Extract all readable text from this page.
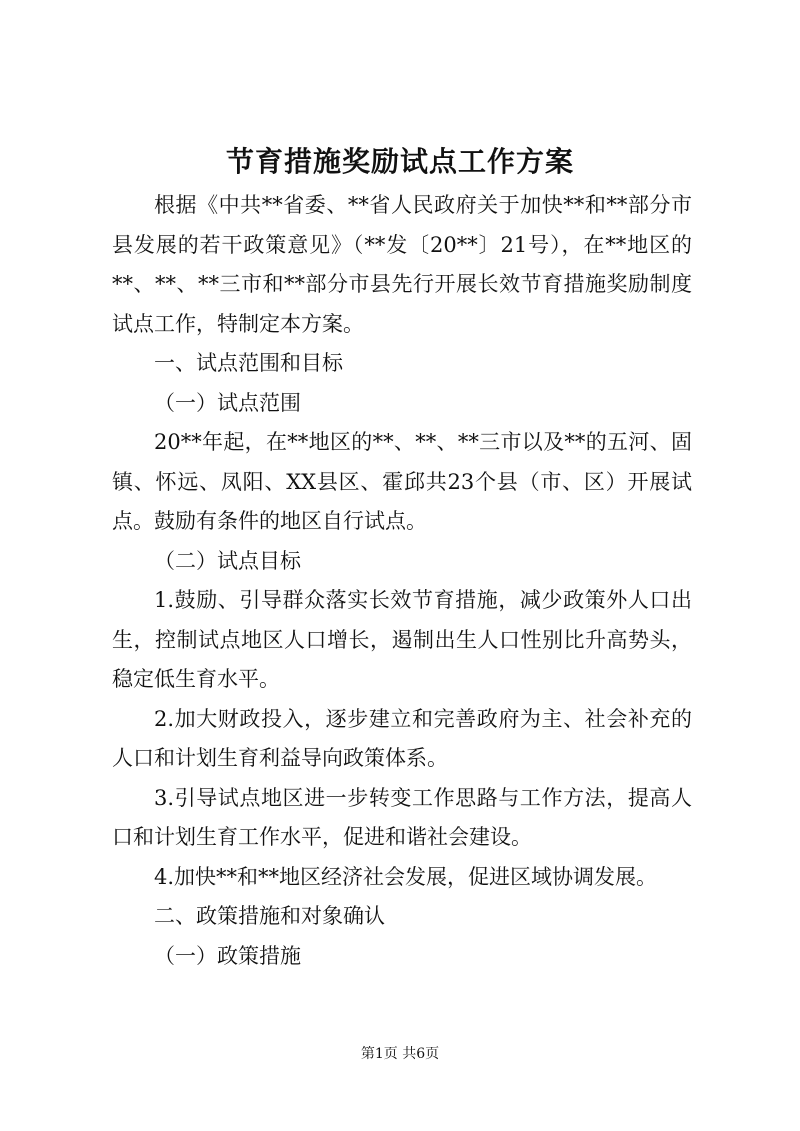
节育措施奖励试点工作方案

根据《中共**省委、**省人民政府关于加快**和**部分市县发展的若干政策意见》（**发〔20**〕21号），在**地区的**、**、**三市和**部分市县先行开展长效节育措施奖励制度试点工作，特制定本方案。

一、试点范围和目标

（一）试点范围

20**年起，在**地区的**、**、**三市以及**的五河、固镇、怀远、凤阳、XX县区、霍邱共23个县（市、区）开展试点。鼓励有条件的地区自行试点。

（二）试点目标

1.鼓励、引导群众落实长效节育措施，减少政策外人口出生，控制试点地区人口增长，遏制出生人口性别比升高势头，稳定低生育水平。

2.加大财政投入，逐步建立和完善政府为主、社会补充的人口和计划生育利益导向政策体系。

3.引导试点地区进一步转变工作思路与工作方法，提高人口和计划生育工作水平，促进和谐社会建设。

4.加快**和**地区经济社会发展，促进区域协调发展。

二、政策措施和对象确认

（一）政策措施

第1页 共6页
